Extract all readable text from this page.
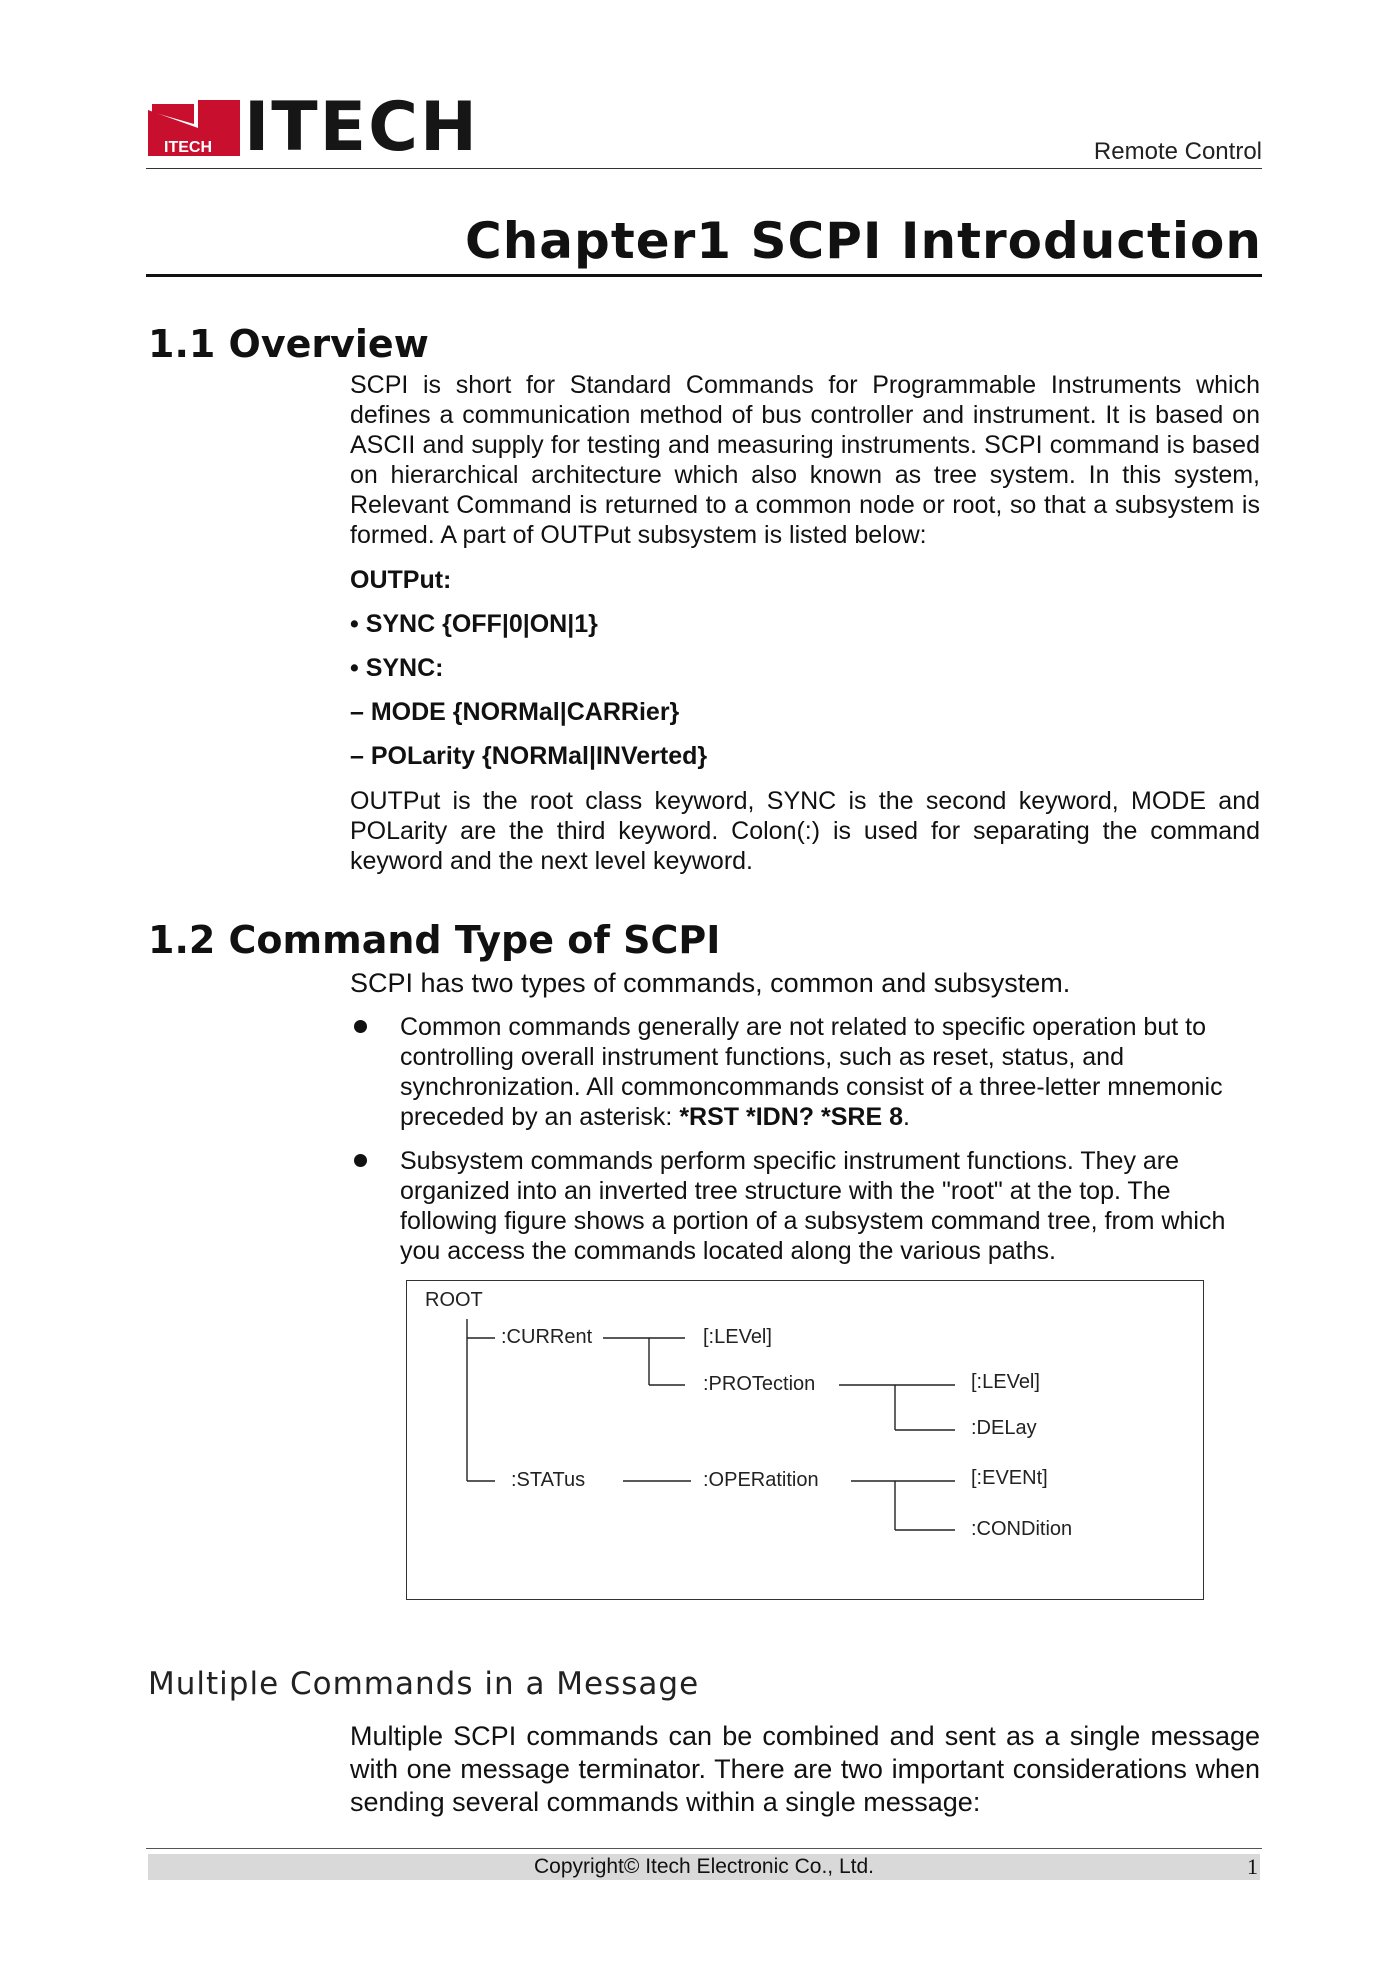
ITECH ITECH	Remote Control
Chapter1 SCPI Introduction
1.1 Overview
SCPI is short for Standard Commands for Programmable Instruments which defines a communication method of bus controller and instrument. It is based on ASCII and supply for testing and measuring instruments. SCPI command is based on hierarchical architecture which also known as tree system. In this system, Relevant Command is returned to a common node or root, so that a subsystem is formed. A part of OUTPut subsystem is listed below:
OUTPut:
• SYNC {OFF|0|ON|1}
• SYNC:
– MODE {NORMal|CARRier}
– POLarity {NORMal|INVerted}
OUTPut is the root class keyword, SYNC is the second keyword, MODE and POLarity are the third keyword. Colon(:) is used for separating the command keyword and the next level keyword.
1.2 Command Type of SCPI
SCPI has two types of commands, common and subsystem.
Common commands generally are not related to specific operation but to controlling overall instrument functions, such as reset, status, and synchronization. All commoncommands consist of a three-letter mnemonic preceded by an asterisk: *RST *IDN? *SRE 8.
Subsystem commands perform specific instrument functions. They are organized into an inverted tree structure with the "root" at the top. The following figure shows a portion of a subsystem command tree, from which you access the commands located along the various paths.
ROOT
:CURRent	[:LEVel]
:PROTection	[:LEVel]
:DELay
:STATus	:OPERatition	[:EVENt]
:CONDition
Multiple Commands in a Message
Multiple SCPI commands can be combined and sent as a single message with one message terminator. There are two important considerations when sending several commands within a single message:
Copyright© Itech Electronic Co., Ltd.	1
